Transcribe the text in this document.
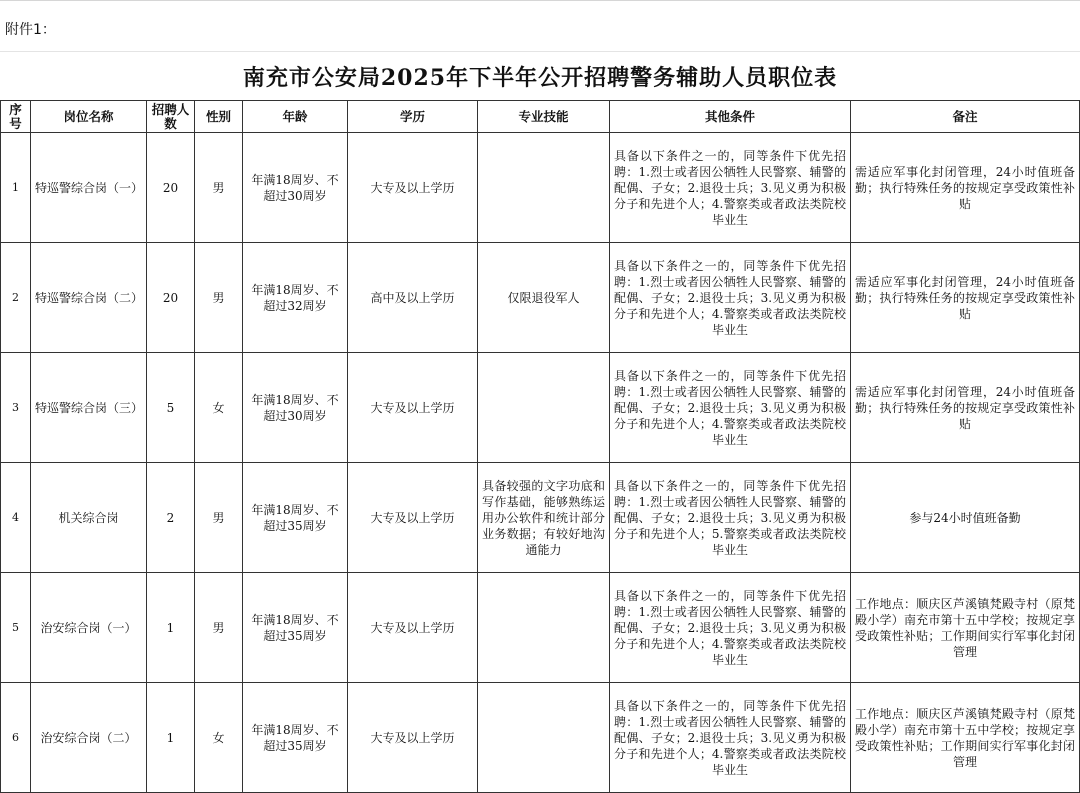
附件1：
南充市公安局2025年下半年公开招聘警务辅助人员职位表
序号	岗位名称	招聘人数	性别	年龄	学历	专业技能	其他条件	备注
1	特巡警综合岗（一）	20	男	年满18周岁、不超过30周岁	大专及以上学历		具备以下条件之一的，同等条件下优先招聘：1.烈士或者因公牺牲人民警察、辅警的配偶、子女；2.退役士兵；3.见义勇为积极分子和先进个人；4.警察类或者政法类院校毕业生	需适应军事化封闭管理，24小时值班备勤；执行特殊任务的按规定享受政策性补贴
2	特巡警综合岗（二）	20	男	年满18周岁、不超过32周岁	高中及以上学历	仅限退役军人	具备以下条件之一的，同等条件下优先招聘：1.烈士或者因公牺牲人民警察、辅警的配偶、子女；2.退役士兵；3.见义勇为积极分子和先进个人；4.警察类或者政法类院校毕业生	需适应军事化封闭管理，24小时值班备勤；执行特殊任务的按规定享受政策性补贴
3	特巡警综合岗（三）	5	女	年满18周岁、不超过30周岁	大专及以上学历		具备以下条件之一的，同等条件下优先招聘：1.烈士或者因公牺牲人民警察、辅警的配偶、子女；2.退役士兵；3.见义勇为积极分子和先进个人；4.警察类或者政法类院校毕业生	需适应军事化封闭管理，24小时值班备勤；执行特殊任务的按规定享受政策性补贴
4	机关综合岗	2	男	年满18周岁、不超过35周岁	大专及以上学历	具备较强的文字功底和写作基础，能够熟练运用办公软件和统计部分业务数据；有较好地沟通能力	具备以下条件之一的，同等条件下优先招聘：1.烈士或者因公牺牲人民警察、辅警的配偶、子女；2.退役士兵；3.见义勇为积极分子和先进个人；5.警察类或者政法类院校毕业生	参与24小时值班备勤
5	治安综合岗（一）	1	男	年满18周岁、不超过35周岁	大专及以上学历		具备以下条件之一的，同等条件下优先招聘：1.烈士或者因公牺牲人民警察、辅警的配偶、子女；2.退役士兵；3.见义勇为积极分子和先进个人；4.警察类或者政法类院校毕业生	工作地点：顺庆区芦溪镇梵殿寺村（原梵殿小学）南充市第十五中学校；按规定享受政策性补贴；工作期间实行军事化封闭管理
6	治安综合岗（二）	1	女	年满18周岁、不超过35周岁	大专及以上学历		具备以下条件之一的，同等条件下优先招聘：1.烈士或者因公牺牲人民警察、辅警的配偶、子女；2.退役士兵；3.见义勇为积极分子和先进个人；4.警察类或者政法类院校毕业生	工作地点：顺庆区芦溪镇梵殿寺村（原梵殿小学）南充市第十五中学校；按规定享受政策性补贴；工作期间实行军事化封闭管理
